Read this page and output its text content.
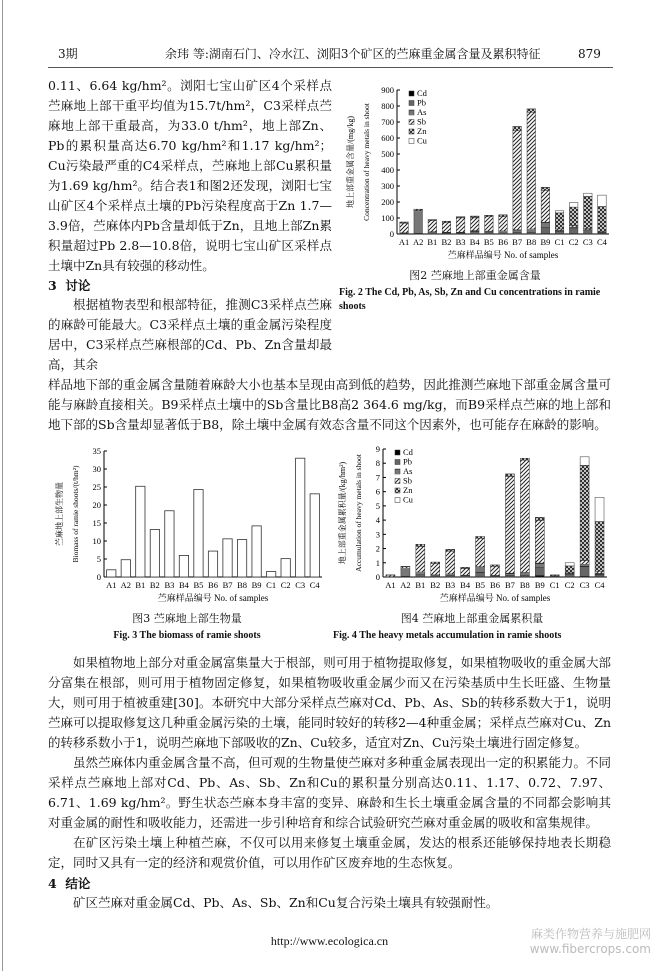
3期	余玮 等:湖南石门、冷水江、浏阳3个矿区的苎麻重金属含量及累积特征	879
0.11、6.64 kg/hm²。浏阳七宝山矿区4个采样点苎麻地上部干重平均值为15.7t/hm²，C3采样点苎麻地上部干重最高，为33.0 t/hm²，地上部Zn、Pb的累积量高达6.70 kg/hm²和1.17 kg/hm²；Cu污染最严重的C4采样点，苎麻地上部Cu累积量为1.69 kg/hm²。结合表1和图2还发现，浏阳七宝山矿区4个采样点土壤的Pb污染程度高于Zn 1.7—3.9倍，苎麻体内Pb含量却低于Zn，且地上部Zn累积量超过Pb 2.8—10.8倍，说明七宝山矿区采样点土壤中Zn具有较强的移动性。
3 讨论
根据植物表型和根部特征，推测C3采样点苎麻的麻龄可能最大。C3采样点土壤的重金属污染程度居中，C3采样点苎麻根部的Cd、Pb、Zn含量却最高，其余
0
100
200
300
400
500
600
700
800
900
A1 A2 B1 B2 B3 B4 B5 B6 B7 B8 B9 C1 C2 C3 C4
苎麻样品编号 No. of samples
地上部重金属含量/(mg/kg) Concentration of heavy metals in shoot
Cd
Pb
As
Sb
Zn
Cu
图2 苎麻地上部重金属含量
Fig. 2 The Cd, Pb, As, Sb, Zn and Cu concentrations in ramie shoots
样品地下部的重金属含量随着麻龄大小也基本呈现由高到低的趋势，因此推测苎麻地下部重金属含量可能与麻龄直接相关。B9采样点土壤中的Sb含量比B8高2 364.6 mg/kg，而B9采样点苎麻的地上部和地下部的Sb含量却显著低于B8，除土壤中金属有效态含量不同这个因素外，也可能存在麻龄的影响。
0
5
10
15
20
25
30
35
A1 A2 B1 B2 B3 B4 B5 B6 B7 B8 B9 C1 C2 C3 C4
苎麻样品编号 No. of samples
苎麻地上部生物量 Biomass of ramie shoots/(t/hm²)
图3 苎麻地上部生物量
Fig. 3 The biomass of ramie shoots
0
1
2
3
4
5
6
7
8
9
A1 A2 B1 B2 B3 B4 B5 B6 B7 B8 B9 C1 C2 C3 C4
苎麻样品编号 No. of samples
地上部重金属累积量/(kg/hm²) Accumulation of heavy metals in shoot
Cd
Pb
As
Sb
Zn
Cu
图4 苎麻地上部重金属累积量
Fig. 4 The heavy metals accumulation in ramie shoots

如果植物地上部分对重金属富集量大于根部，则可用于植物提取修复，如果植物吸收的重金属大部分富集在根部，则可用于植物固定修复，如果植物吸收重金属少而又在污染基质中生长旺盛、生物量大，则可用于植被重建[30]。本研究中大部分采样点苎麻对Cd、Pb、As、Sb的转移系数大于1，说明苎麻可以提取修复这几种重金属污染的土壤，能同时较好的转移2—4种重金属；采样点苎麻对Cu、Zn的转移系数小于1，说明苎麻地下部吸收的Zn、Cu较多，适宜对Zn、Cu污染土壤进行固定修复。

虽然苎麻体内重金属含量不高，但可观的生物量使苎麻对多种重金属表现出一定的积累能力。不同采样点苎麻地上部对Cd、Pb、As、Sb、Zn和Cu的累积量分别高达0.11、1.17、0.72、7.97、6.71、1.69 kg/hm²。野生状态苎麻本身丰富的变异、麻龄和生长土壤重金属含量的不同都会影响其对重金属的耐性和吸收能力，还需进一步引种培育和综合试验研究苎麻对重金属的吸收和富集规律。

在矿区污染土壤上种植苎麻，不仅可以用来修复土壤重金属，发达的根系还能够保持地表长期稳定，同时又具有一定的经济和观赏价值，可以用作矿区废弃地的生态恢复。

4 结论
矿区苎麻对重金属Cd、Pb、As、Sb、Zn和Cu复合污染土壤具有较强耐性。
http://www.ecologica.cn	麻类作物营养与施肥网
www.fibercrops.com
